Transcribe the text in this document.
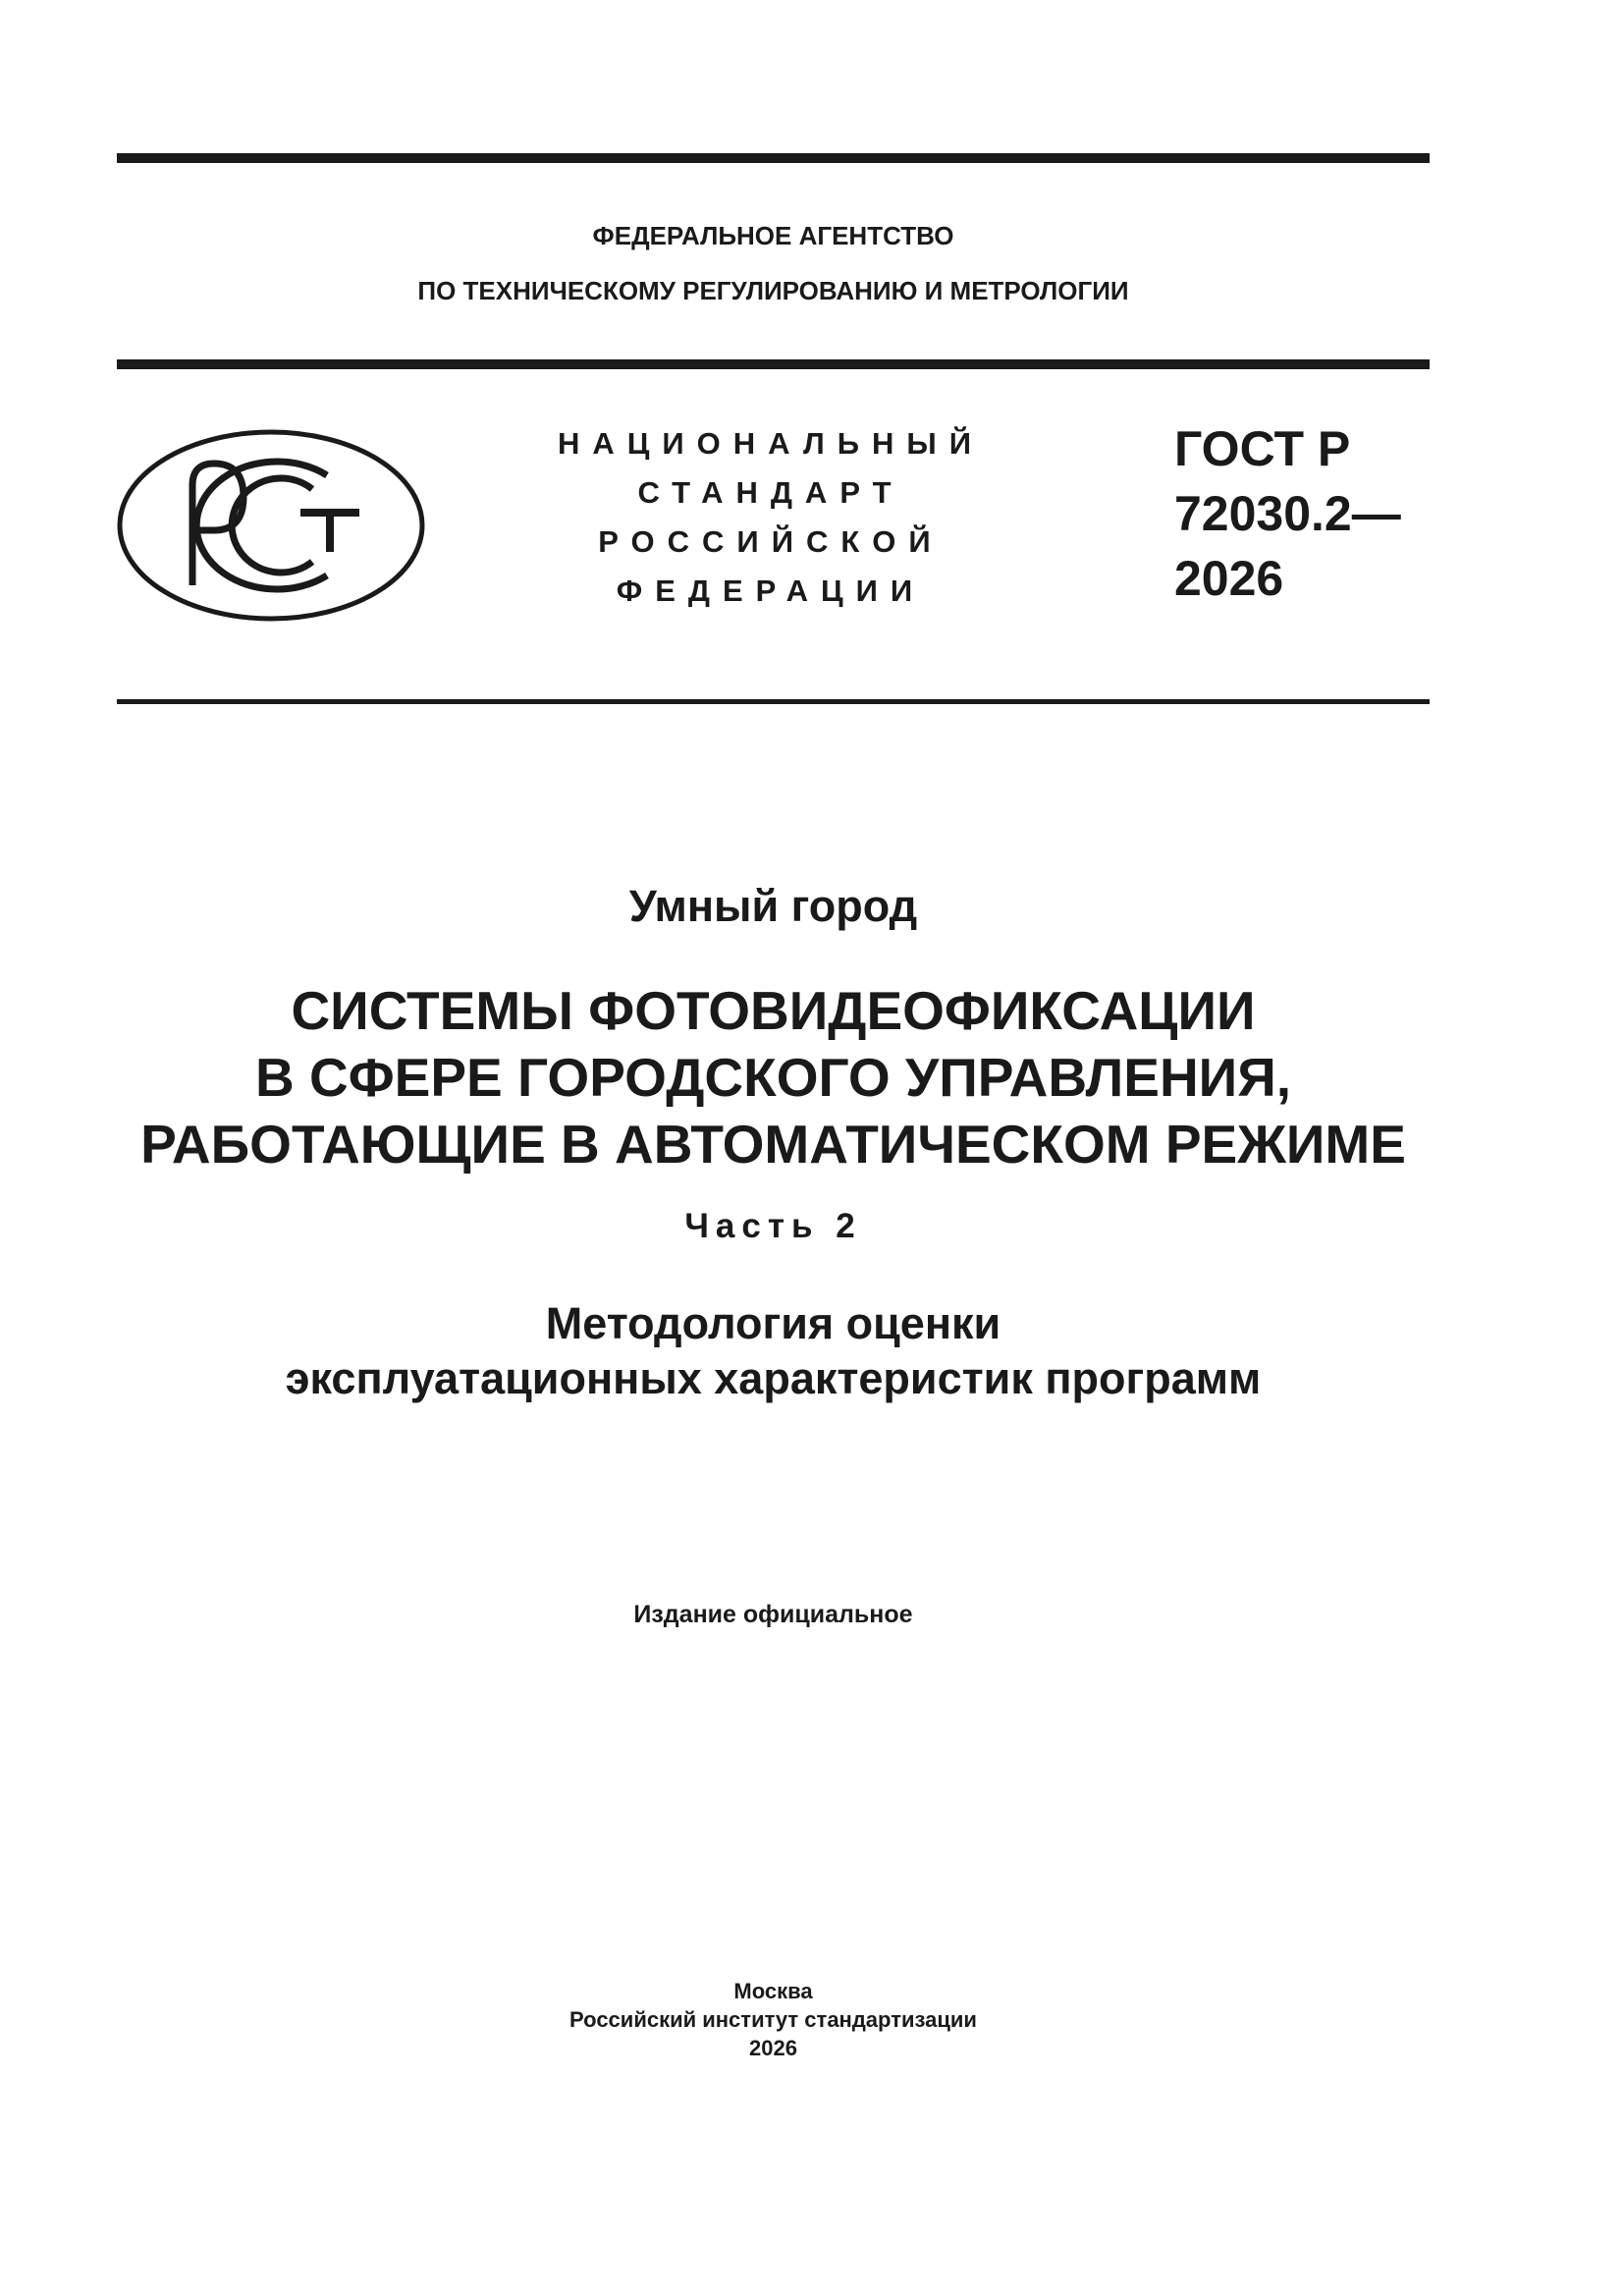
ФЕДЕРАЛЬНОЕ АГЕНТСТВО
ПО ТЕХНИЧЕСКОМУ РЕГУЛИРОВАНИЮ И МЕТРОЛОГИИ
НАЦИОНАЛЬНЫЙ
СТАНДАРТ
РОССИЙСКОЙ
ФЕДЕРАЦИИ
ГОСТ Р
72030.2—
2026
Умный город
СИСТЕМЫ ФОТОВИДЕОФИКСАЦИИ
В СФЕРЕ ГОРОДСКОГО УПРАВЛЕНИЯ,
РАБОТАЮЩИЕ В АВТОМАТИЧЕСКОМ РЕЖИМЕ
Часть 2
Методология оценки
эксплуатационных характеристик программ
Издание официальное
Москва
Российский институт стандартизации
2026
